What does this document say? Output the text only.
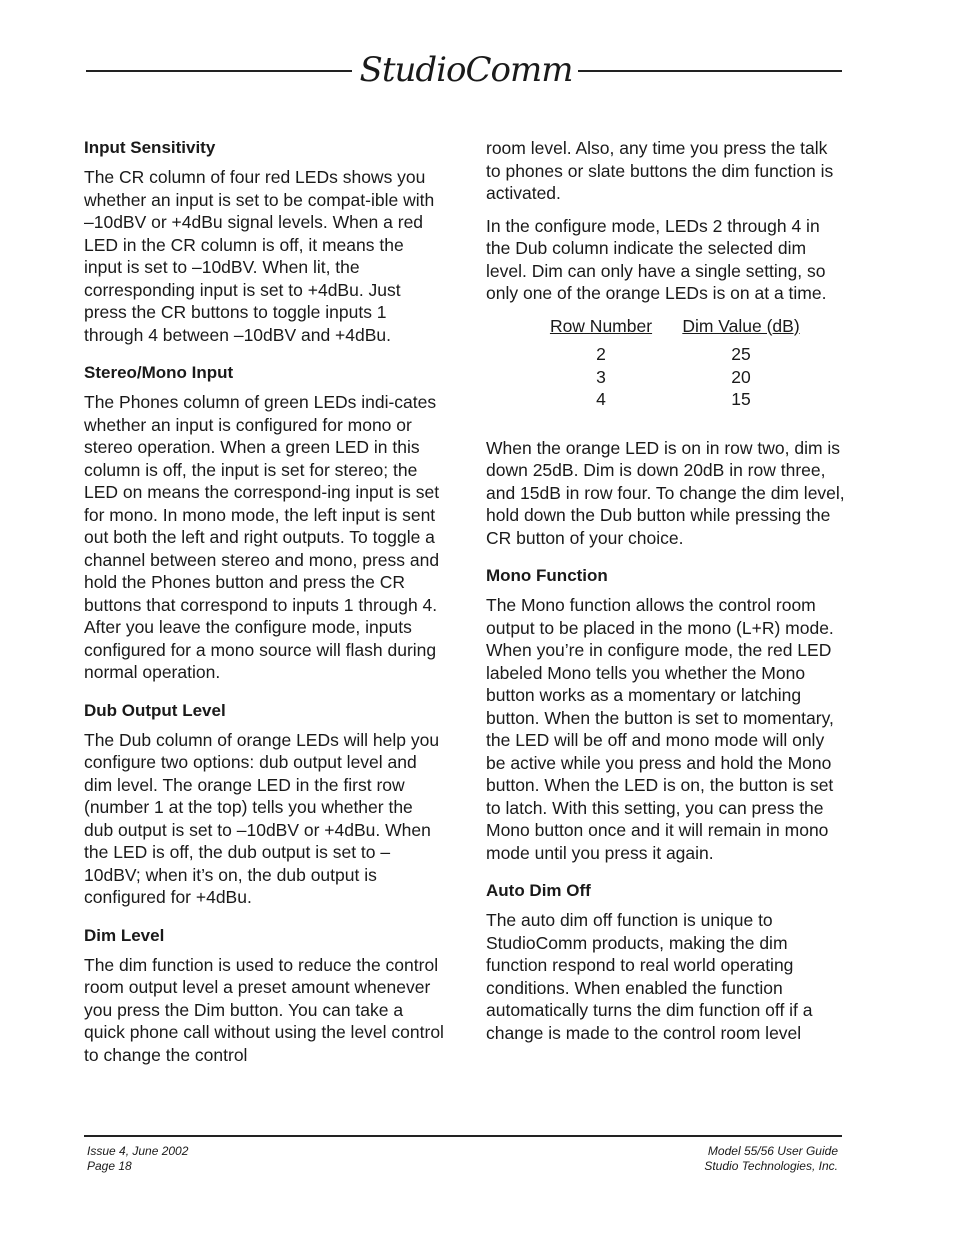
StudioComm
Input Sensitivity

The CR column of four red LEDs shows you whether an input is set to be compat-ible with –10dBV or +4dBu signal levels. When a red LED in the CR column is off, it means the input is set to –10dBV. When lit, the corresponding input is set to +4dBu. Just press the CR buttons to toggle inputs 1 through 4 between –10dBV and +4dBu.

Stereo/Mono Input

The Phones column of green LEDs indi-cates whether an input is configured for mono or stereo operation. When a green LED in this column is off, the input is set for stereo; the LED on means the correspond-ing input is set for mono. In mono mode, the left input is sent out both the left and right outputs. To toggle a channel between stereo and mono, press and hold the Phones button and press the CR buttons that correspond to inputs 1 through 4. After you leave the configure mode, inputs configured for a mono source will flash during normal operation.

Dub Output Level

The Dub column of orange LEDs will help you configure two options: dub output level and dim level. The orange LED in the first row (number 1 at the top) tells you whether the dub output is set to –10dBV or +4dBu. When the LED is off, the dub output is set to –10dBV; when it’s on, the dub output is configured for +4dBu.

Dim Level

The dim function is used to reduce the control room output level a preset amount whenever you press the Dim button. You can take a quick phone call without using the level control to change the control

room level. Also, any time you press the talk to phones or slate buttons the dim function is activated.

In the configure mode, LEDs 2 through 4 in the Dub column indicate the selected dim level. Dim can only have a single setting, so only one of the orange LEDs is on at a time.

Row Number	Dim Value (dB)
2	25
3	20
4	15

When the orange LED is on in row two, dim is down 25dB. Dim is down 20dB in row three, and 15dB in row four. To change the dim level, hold down the Dub button while pressing the CR button of your choice.

Mono Function

The Mono function allows the control room output to be placed in the mono (L+R) mode. When you’re in configure mode, the red LED labeled Mono tells you whether the Mono button works as a momentary or latching button. When the button is set to momentary, the LED will be off and mono mode will only be active while you press and hold the Mono button. When the LED is on, the button is set to latch. With this setting, you can press the Mono button once and it will remain in mono mode until you press it again.

Auto Dim Off

The auto dim off function is unique to StudioComm products, making the dim function respond to real world operating conditions. When enabled the function automatically turns the dim function off if a change is made to the control room level

Issue 4, June 2002
Page 18
Model 55/56 User Guide
Studio Technologies, Inc.
